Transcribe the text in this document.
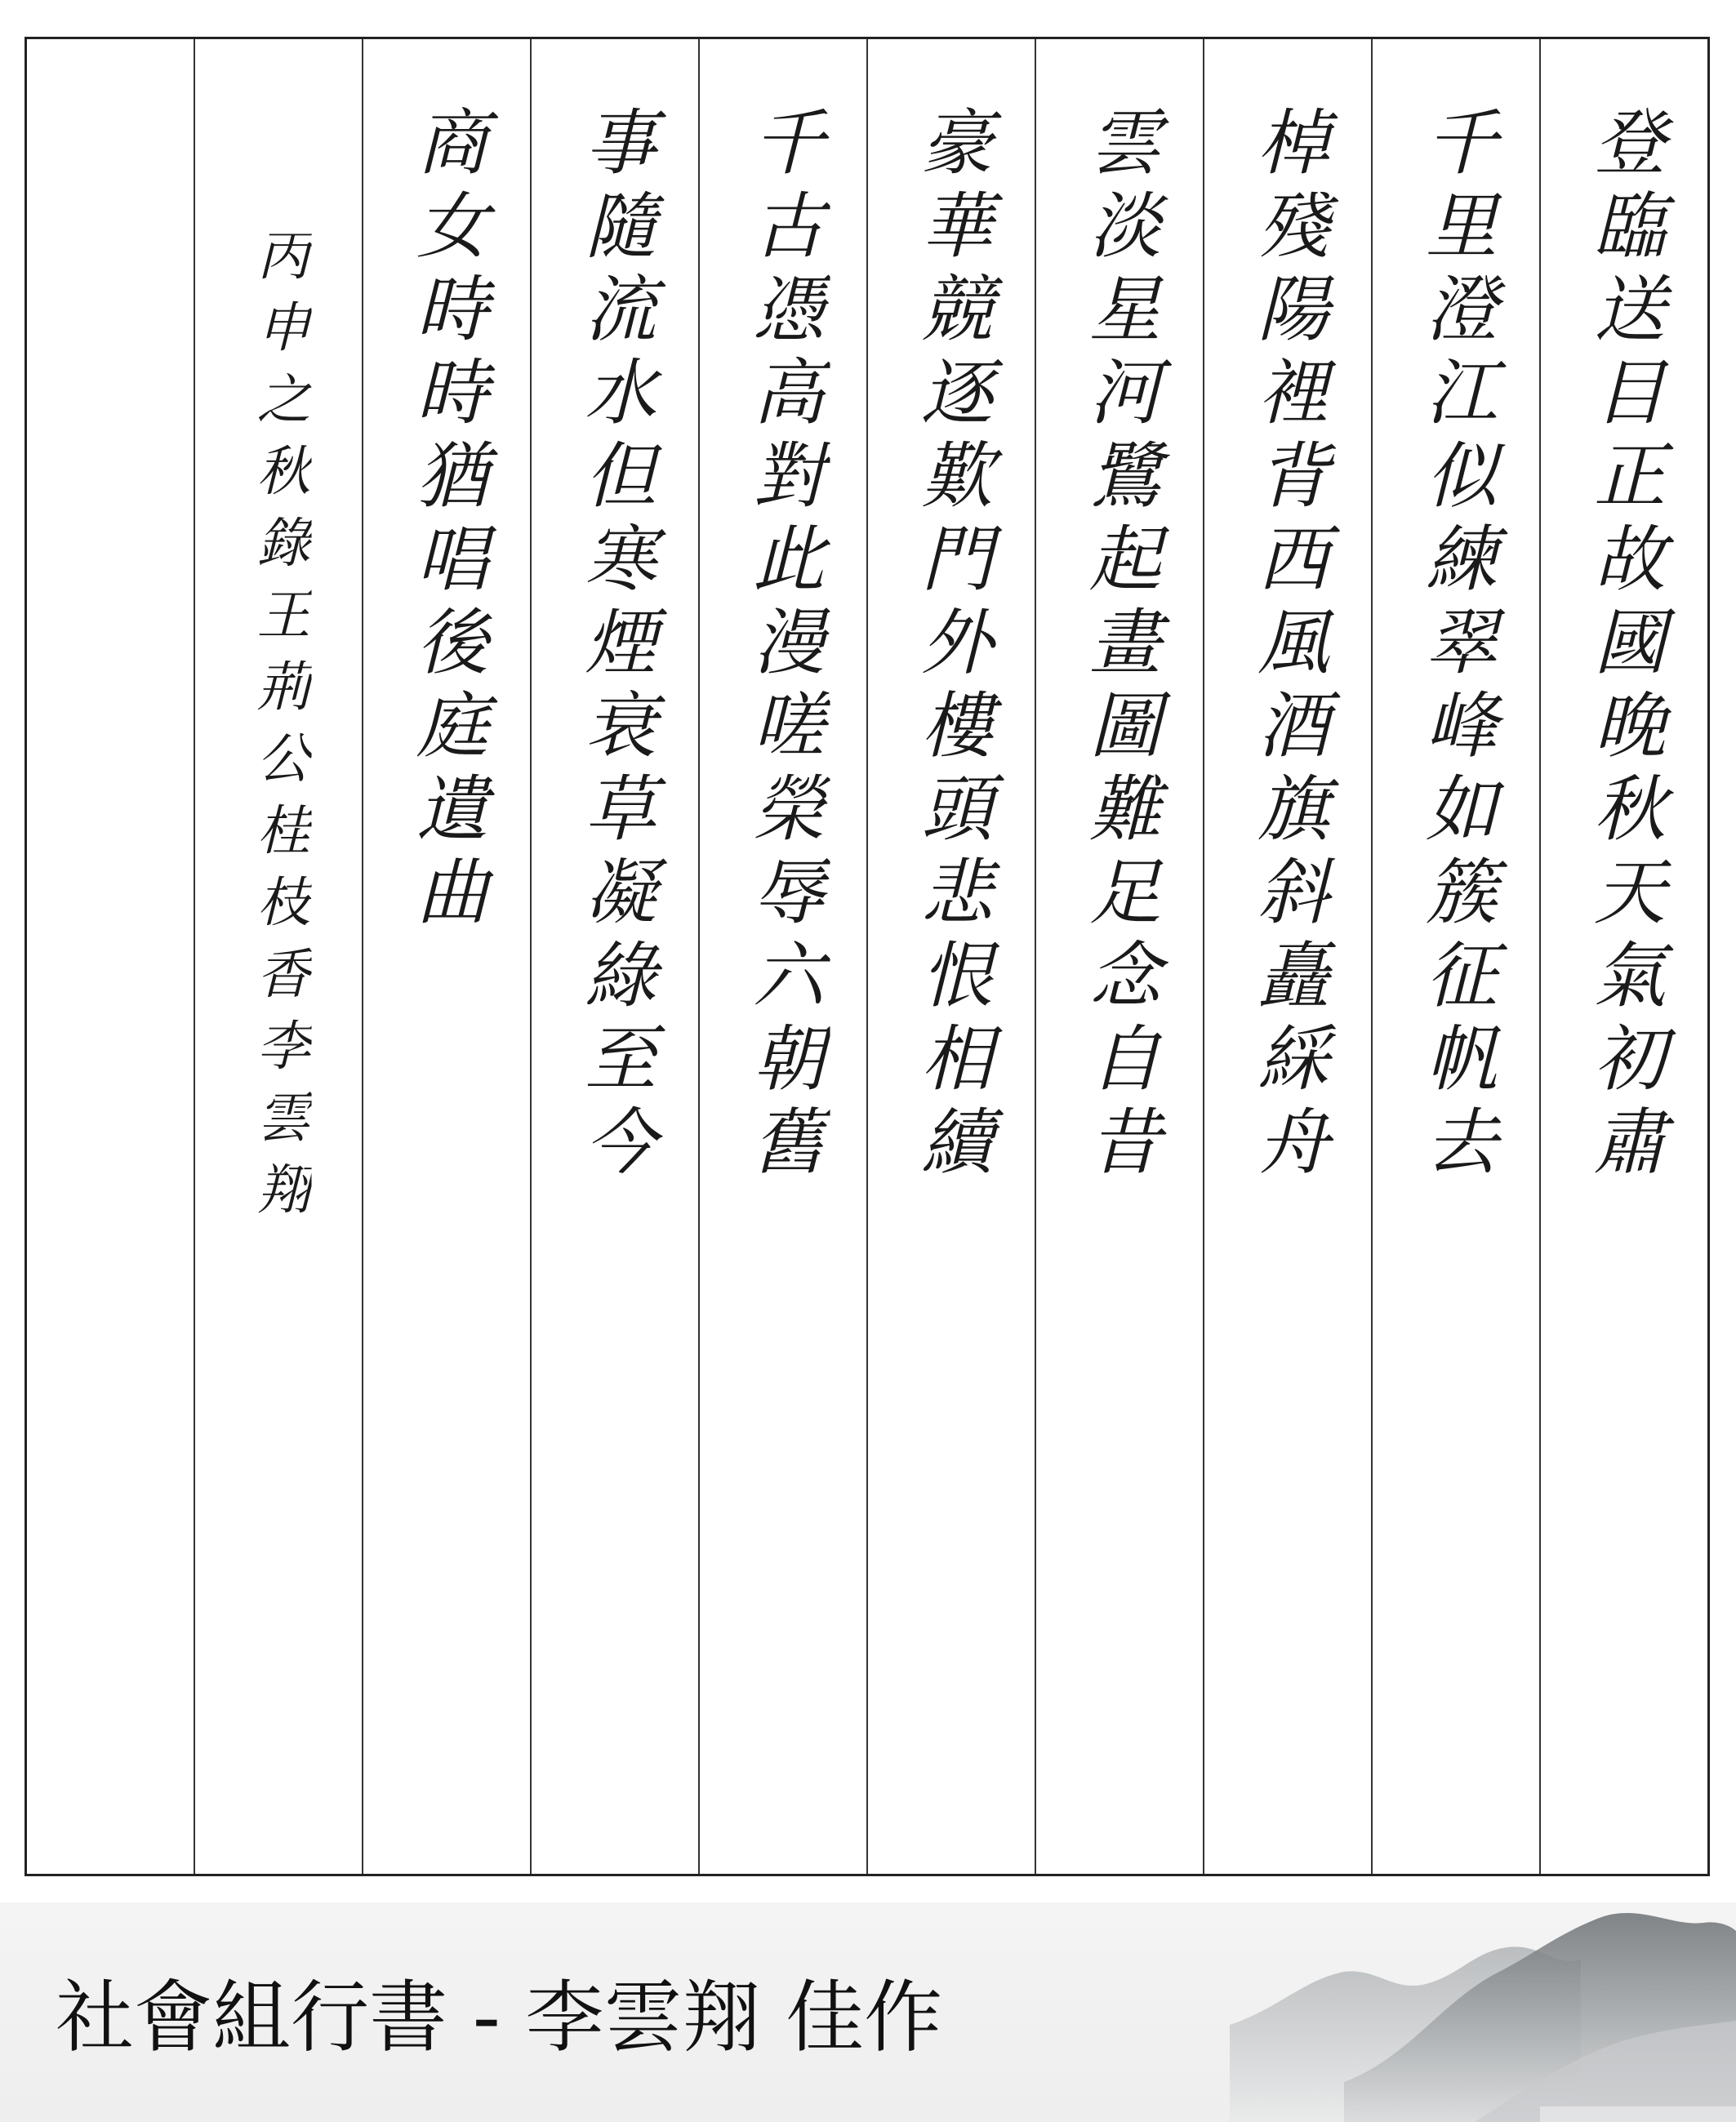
登臨送目正故國晚秋天氣初肅
千里澄江似練翠峰如簇征帆去
棹殘陽裡背西風酒旗斜矗綵舟
雲淡星河鷺起畫圖難足念自昔
豪華競逐歎門外樓頭悲恨相續
千古憑高對此漫嗟榮辱六朝舊
事隨流水但寒煙衰草凝綠至今
商女時時猶唱後庭遺曲
丙申之秋錄王荊公桂枝香李雲翔
社會組行書 - 李雲翔 佳作
